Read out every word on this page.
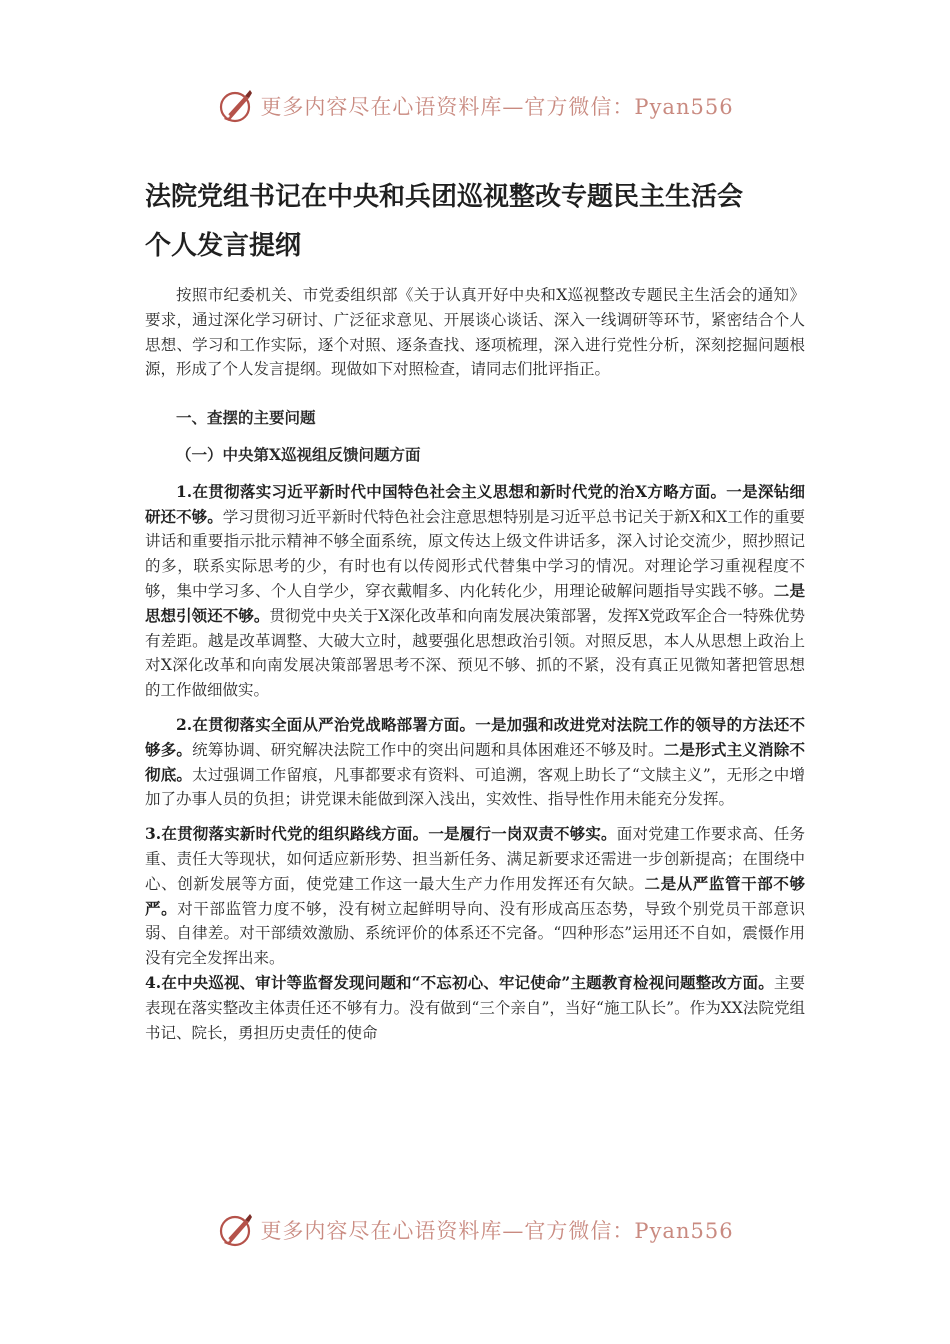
更多内容尽在心语资料库—官方微信：Pyan556
法院党组书记在中央和兵团巡视整改专题民主生活会
个人发言提纲

按照市纪委机关、市党委组织部《关于认真开好中央和X巡视整改专题民主生活会的通知》要求，通过深化学习研讨、广泛征求意见、开展谈心谈话、深入一线调研等环节，紧密结合个人思想、学习和工作实际，逐个对照、逐条查找、逐项梳理，深入进行党性分析，深刻挖掘问题根源，形成了个人发言提纲。现做如下对照检查，请同志们批评指正。

一、查摆的主要问题

（一）中央第X巡视组反馈问题方面

1.在贯彻落实习近平新时代中国特色社会主义思想和新时代党的治X方略方面。一是深钻细研还不够。学习贯彻习近平新时代特色社会注意思想特别是习近平总书记关于新X和X工作的重要讲话和重要指示批示精神不够全面系统，原文传达上级文件讲话多，深入讨论交流少，照抄照记的多，联系实际思考的少，有时也有以传阅形式代替集中学习的情况。对理论学习重视程度不够，集中学习多、个人自学少，穿衣戴帽多、内化转化少，用理论破解问题指导实践不够。二是思想引领还不够。贯彻党中央关于X深化改革和向南发展决策部署，发挥X党政军企合一特殊优势有差距。越是改革调整、大破大立时，越要强化思想政治引领。对照反思，本人从思想上政治上对X深化改革和向南发展决策部署思考不深、预见不够、抓的不紧，没有真正见微知著把管思想的工作做细做实。

2.在贯彻落实全面从严治党战略部署方面。一是加强和改进党对法院工作的领导的方法还不够多。统筹协调、研究解决法院工作中的突出问题和具体困难还不够及时。二是形式主义消除不彻底。太过强调工作留痕，凡事都要求有资料、可追溯，客观上助长了“文牍主义”，无形之中增加了办事人员的负担；讲党课未能做到深入浅出，实效性、指导性作用未能充分发挥。

3.在贯彻落实新时代党的组织路线方面。一是履行一岗双责不够实。面对党建工作要求高、任务重、责任大等现状，如何适应新形势、担当新任务、满足新要求还需进一步创新提高；在围绕中心、创新发展等方面，使党建工作这一最大生产力作用发挥还有欠缺。二是从严监管干部不够严。对干部监管力度不够，没有树立起鲜明导向、没有形成高压态势，导致个别党员干部意识弱、自律差。对干部绩效激励、系统评价的体系还不完备。“四种形态”运用还不自如，震慑作用没有完全发挥出来。

4.在中央巡视、审计等监督发现问题和“不忘初心、牢记使命”主题教育检视问题整改方面。主要表现在落实整改主体责任还不够有力。没有做到“三个亲自”，当好“施工队长”。作为XX法院党组书记、院长，勇担历史责任的使命

更多内容尽在心语资料库—官方微信：Pyan556
